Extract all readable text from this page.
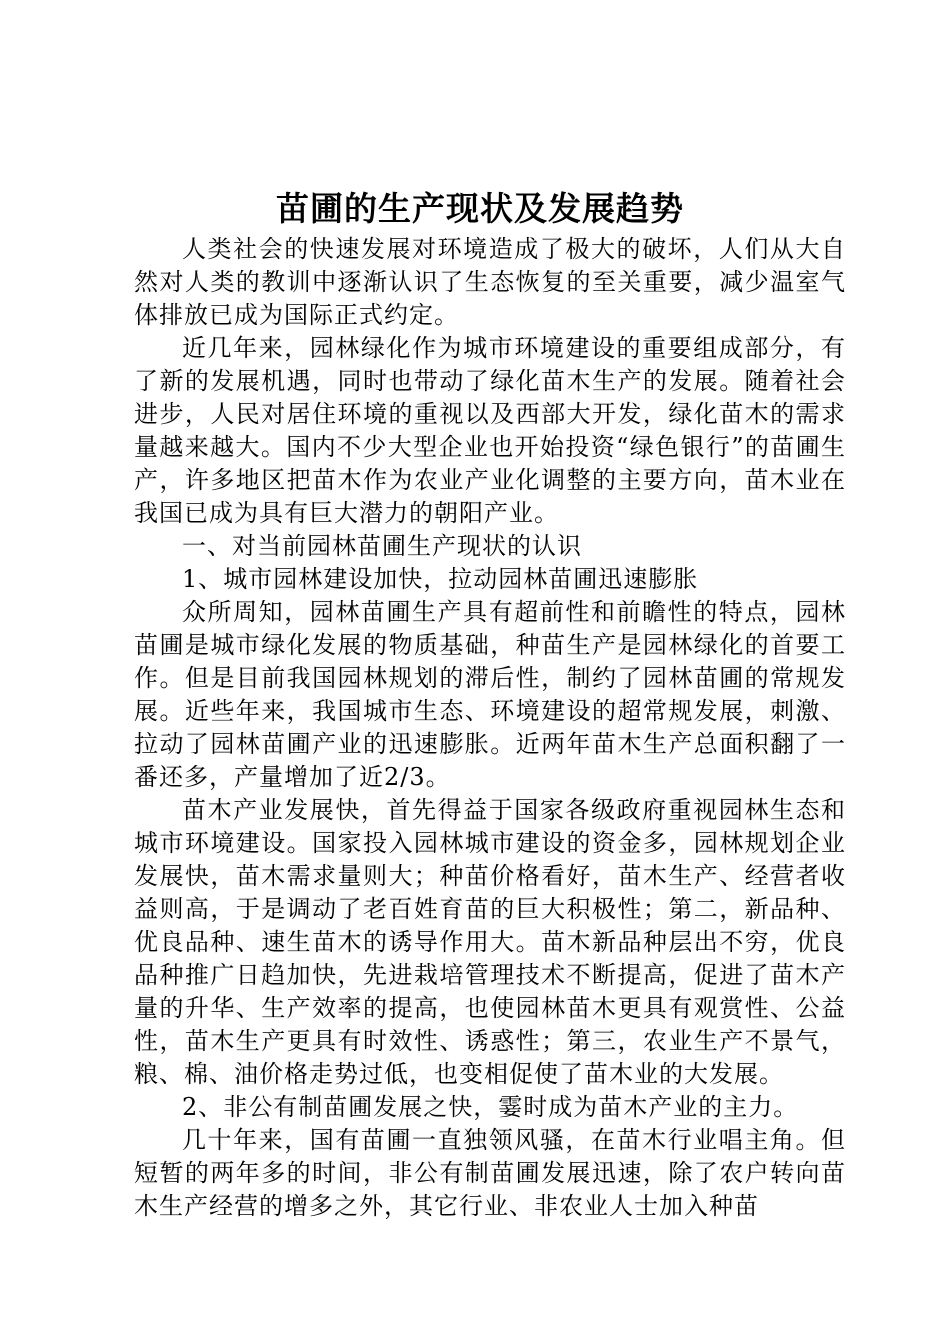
苗圃的生产现状及发展趋势

人类社会的快速发展对环境造成了极大的破坏，人们从大自然对人类的教训中逐渐认识了生态恢复的至关重要，减少温室气体排放已成为国际正式约定。

近几年来，园林绿化作为城市环境建设的重要组成部分，有了新的发展机遇，同时也带动了绿化苗木生产的发展。随着社会进步，人民对居住环境的重视以及西部大开发，绿化苗木的需求量越来越大。国内不少大型企业也开始投资“绿色银行”的苗圃生产，许多地区把苗木作为农业产业化调整的主要方向，苗木业在我国已成为具有巨大潜力的朝阳产业。

一、对当前园林苗圃生产现状的认识

1、城市园林建设加快，拉动园林苗圃迅速膨胀

众所周知，园林苗圃生产具有超前性和前瞻性的特点，园林苗圃是城市绿化发展的物质基础，种苗生产是园林绿化的首要工作。但是目前我国园林规划的滞后性，制约了园林苗圃的常规发展。近些年来，我国城市生态、环境建设的超常规发展，刺激、拉动了园林苗圃产业的迅速膨胀。近两年苗木生产总面积翻了一番还多，产量增加了近2/3。

苗木产业发展快，首先得益于国家各级政府重视园林生态和城市环境建设。国家投入园林城市建设的资金多，园林规划企业发展快，苗木需求量则大；种苗价格看好，苗木生产、经营者收益则高，于是调动了老百姓育苗的巨大积极性；第二，新品种、优良品种、速生苗木的诱导作用大。苗木新品种层出不穷，优良品种推广日趋加快，先进栽培管理技术不断提高，促进了苗木产量的升华、生产效率的提高，也使园林苗木更具有观赏性、公益性，苗木生产更具有时效性、诱惑性；第三，农业生产不景气，粮、棉、油价格走势过低，也变相促使了苗木业的大发展。

2、非公有制苗圃发展之快，霎时成为苗木产业的主力。

几十年来，国有苗圃一直独领风骚，在苗木行业唱主角。但短暂的两年多的时间，非公有制苗圃发展迅速，除了农户转向苗木生产经营的增多之外，其它行业、非农业人士加入种苗
